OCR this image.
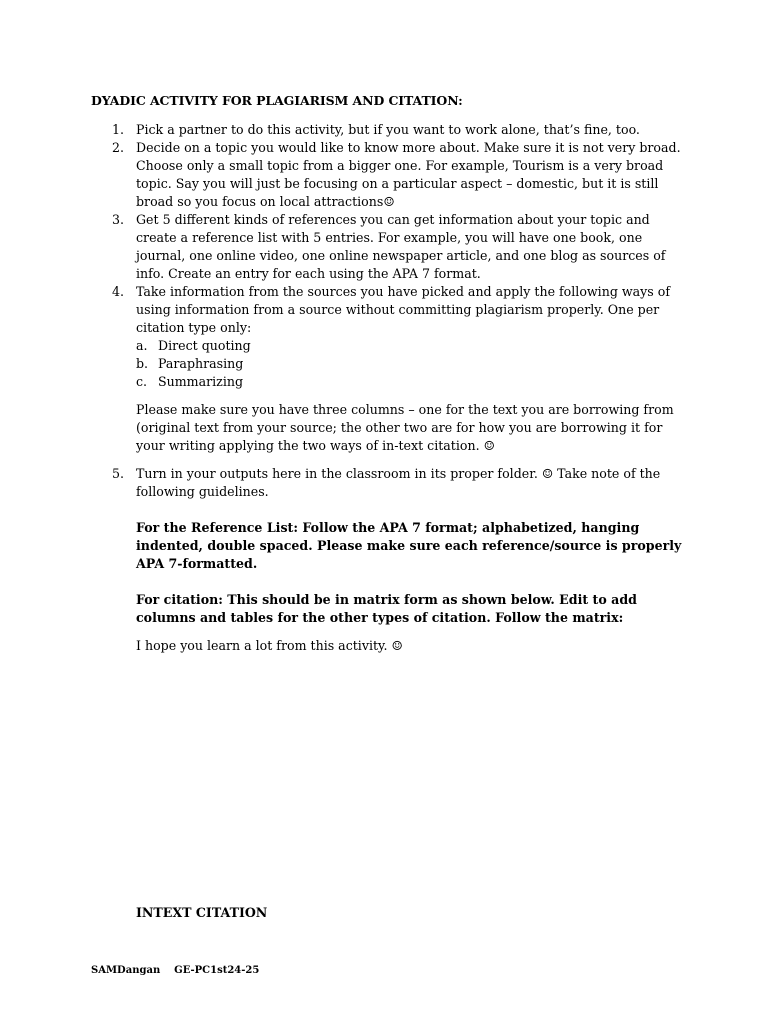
DYADIC ACTIVITY FOR PLAGIARISM AND CITATION:
1. Pick a partner to do this activity, but if you want to work alone, that’s fine, too.
2. Decide on a topic you would like to know more about. Make sure it is not very broad. Choose only a small topic from a bigger one. For example, Tourism is a very broad topic. Say you will just be focusing on a particular aspect – domestic, but it is still broad so you focus on local attractions☺
3. Get 5 different kinds of references you can get information about your topic and create a reference list with 5 entries. For example, you will have one book, one journal, one online video, one online newspaper article, and one blog as sources of info. Create an entry for each using the APA 7 format.
4. Take information from the sources you have picked and apply the following ways of using information from a source without committing plagiarism properly. One per citation type only:
a. Direct quoting
b. Paraphrasing
c. Summarizing
Please make sure you have three columns – one for the text you are borrowing from (original text from your source; the other two are for how you are borrowing it for your writing applying the two ways of in-text citation. ☺
5. Turn in your outputs here in the classroom in its proper folder. ☺ Take note of the following guidelines.
For the Reference List: Follow the APA 7 format; alphabetized, hanging indented, double spaced. Please make sure each reference/source is properly APA 7-formatted.
For citation: This should be in matrix form as shown below. Edit to add columns and tables for the other types of citation. Follow the matrix:
I hope you learn a lot from this activity. ☺
INTEXT CITATION
SAMDangan GE-PC1st24-25
